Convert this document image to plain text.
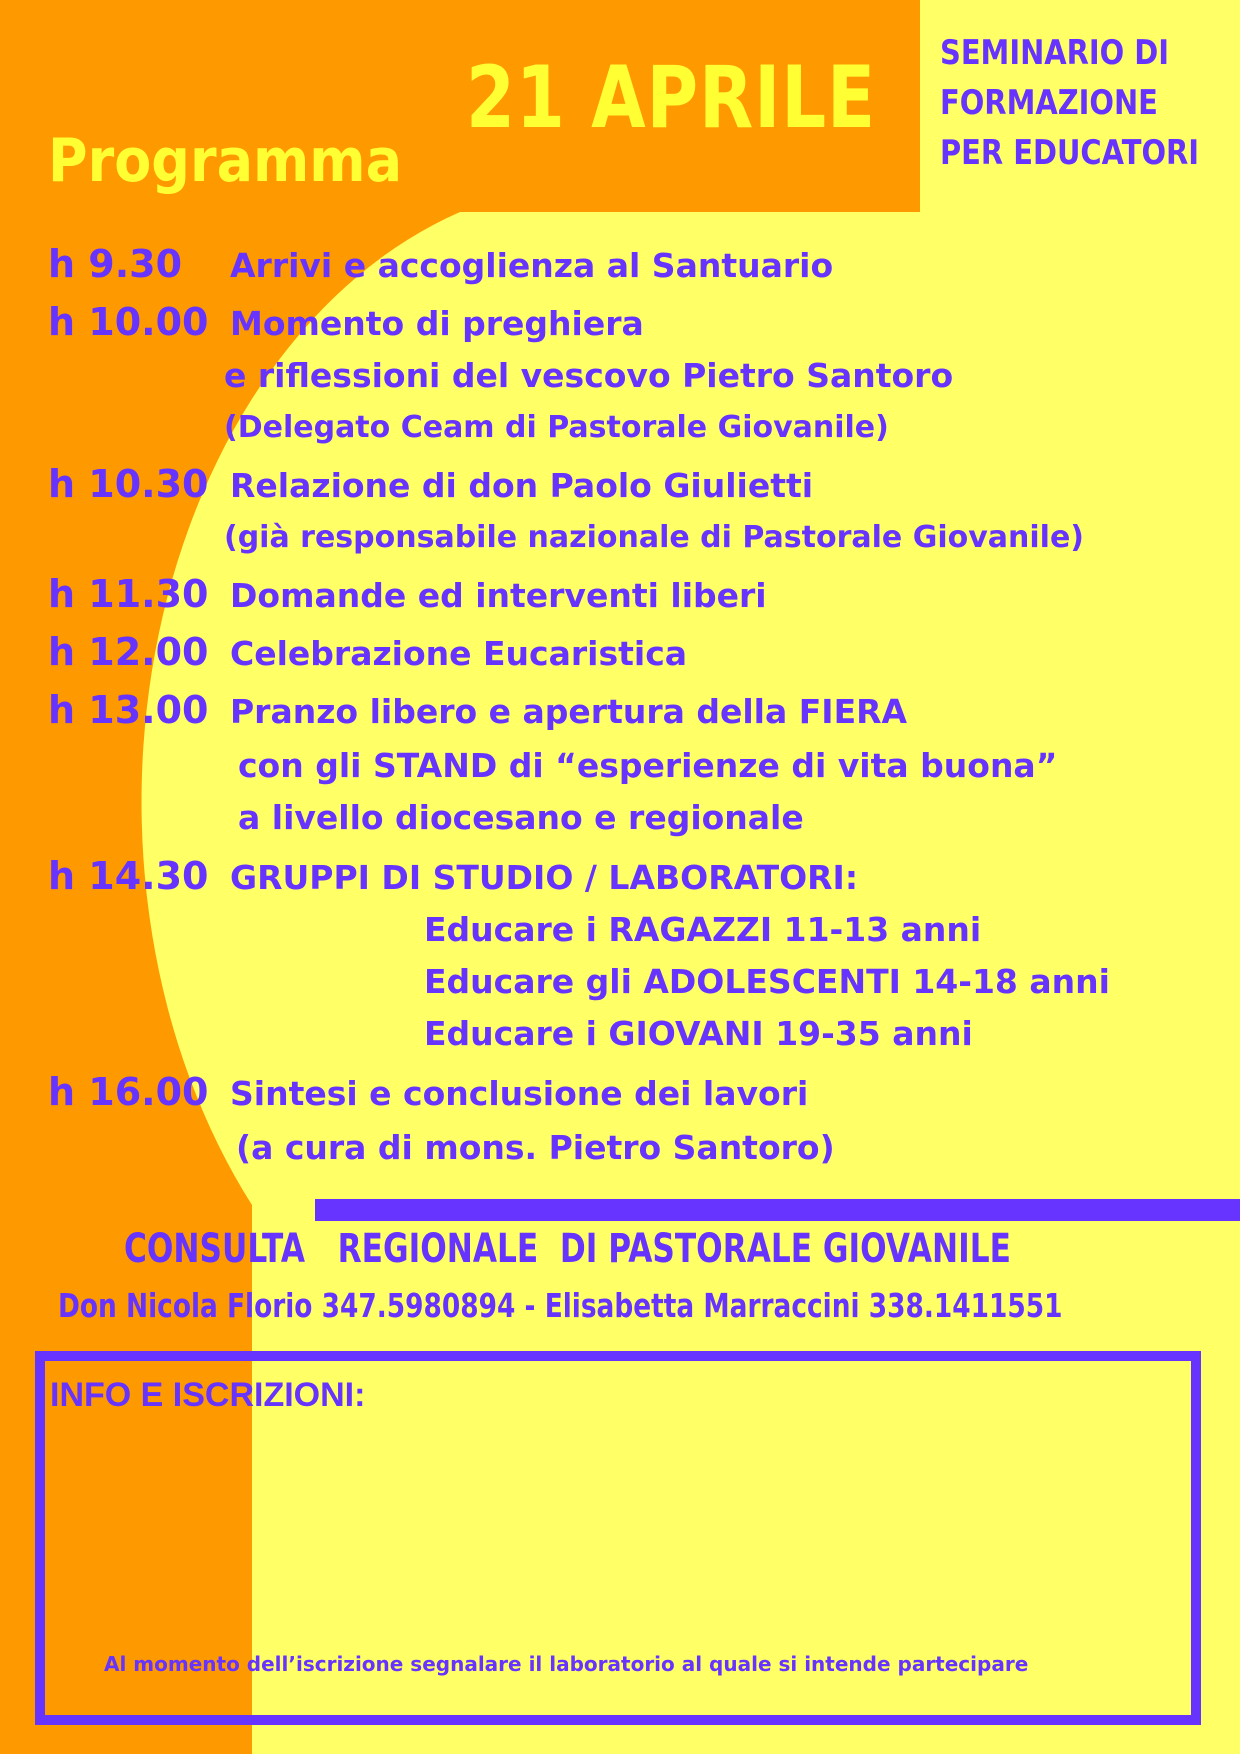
21 APRILE
Programma
SEMINARIO DI
FORMAZIONE
PER EDUCATORI
h 9.30 Arrivi e accoglienza al Santuario
h 10.00 Momento di preghiera
e riflessioni del vescovo Pietro Santoro
(Delegato Ceam di Pastorale Giovanile)
h 10.30 Relazione di don Paolo Giulietti
(già responsabile nazionale di Pastorale Giovanile)
h 11.30 Domande ed interventi liberi
h 12.00 Celebrazione Eucaristica
h 13.00 Pranzo libero e apertura della FIERA
con gli STAND di “esperienze di vita buona”
a livello diocesano e regionale
h 14.30 GRUPPI DI STUDIO / LABORATORI:
Educare i RAGAZZI 11-13 anni
Educare gli ADOLESCENTI 14-18 anni
Educare i GIOVANI 19-35 anni
h 16.00 Sintesi e conclusione dei lavori
(a cura di mons. Pietro Santoro)
CONSULTA   REGIONALE  DI PASTORALE GIOVANILE
Don Nicola Florio 347.5980894 - Elisabetta Marraccini 338.1411551
INFO E ISCRIZIONI:
Al momento dell’iscrizione segnalare il laboratorio al quale si intende partecipare
